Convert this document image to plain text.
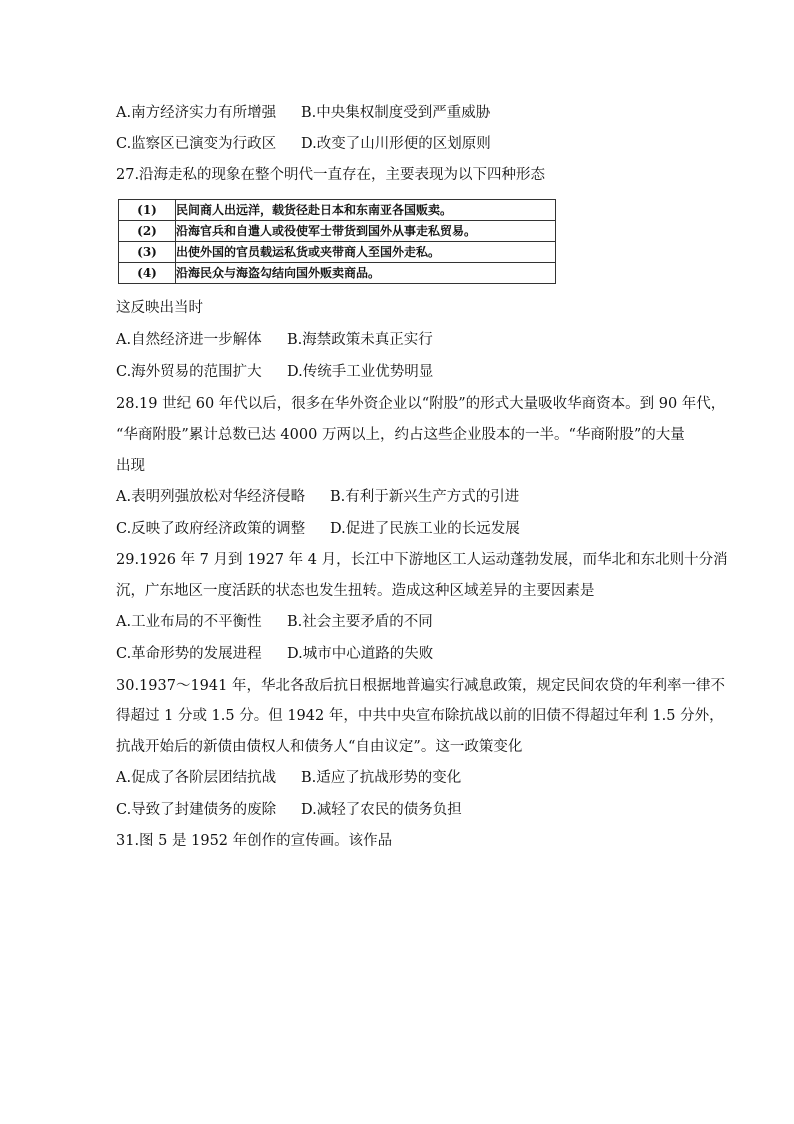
A.南方经济实力有所增强 B.中央集权制度受到严重威胁
C.监察区已演变为行政区 D.改变了山川形便的区划原则
27.沿海走私的现象在整个明代一直存在，主要表现为以下四种形态
(1)	民间商人出远洋，载货径赴日本和东南亚各国贩卖。
(2)	沿海官兵和自遣人或役使军士带货到国外从事走私贸易。
(3)	出使外国的官员载运私货或夹带商人至国外走私。
(4)	沿海民众与海盗勾结向国外贩卖商品。
这反映出当时
A.自然经济进一步解体 B.海禁政策未真正实行
C.海外贸易的范围扩大 D.传统手工业优势明显
28.19 世纪 60 年代以后，很多在华外资企业以“附股”的形式大量吸收华商资本。到 90 年代，
“华商附股”累计总数已达 4000 万两以上，约占这些企业股本的一半。“华商附股”的大量
出现
A.表明列强放松对华经济侵略 B.有利于新兴生产方式的引进
C.反映了政府经济政策的调整 D.促进了民族工业的长远发展
29.1926 年 7 月到 1927 年 4 月，长江中下游地区工人运动蓬勃发展，而华北和东北则十分消
沉，广东地区一度活跃的状态也发生扭转。造成这种区域差异的主要因素是
A.工业布局的不平衡性 B.社会主要矛盾的不同
C.革命形势的发展进程 D.城市中心道路的失败
30.1937～1941 年，华北各敌后抗日根据地普遍实行减息政策，规定民间农贷的年利率一律不
得超过 1 分或 1.5 分。但 1942 年，中共中央宣布除抗战以前的旧债不得超过年利 1.5 分外，
抗战开始后的新债由债权人和债务人“自由议定”。这一政策变化
A.促成了各阶层团结抗战 B.适应了抗战形势的变化
C.导致了封建债务的废除 D.减轻了农民的债务负担
31.图 5 是 1952 年创作的宣传画。该作品
